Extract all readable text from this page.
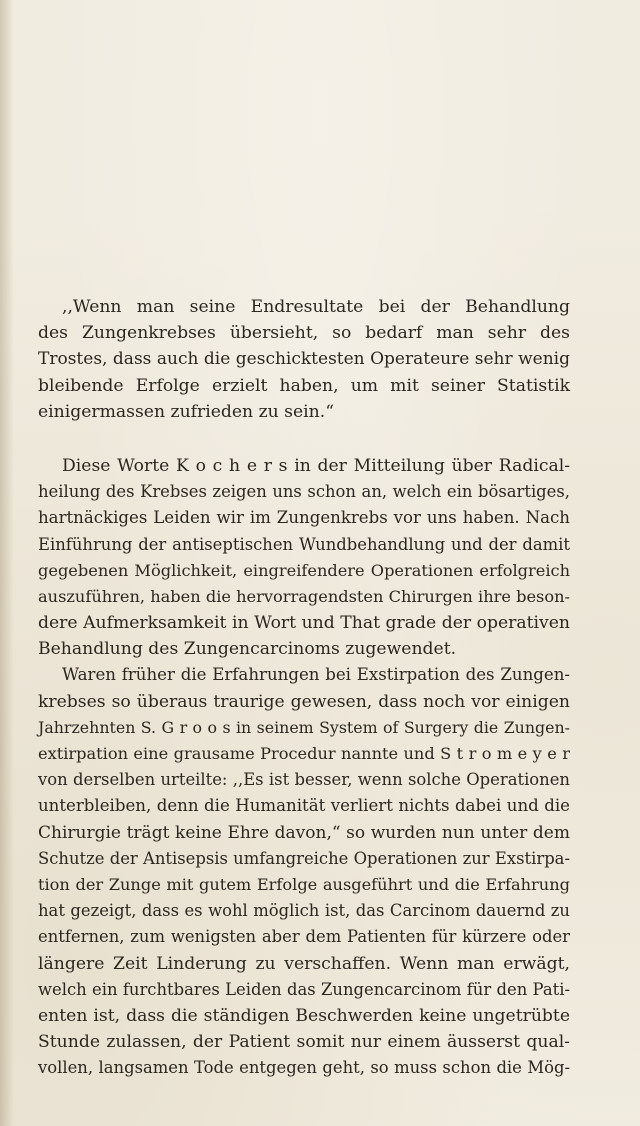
,,Wenn man seine Endresultate bei der Behandlung
des Zungenkrebses übersieht, so bedarf man sehr des
Trostes, dass auch die geschicktesten Operateure sehr wenig
bleibende Erfolge erzielt haben, um mit seiner Statistik
einigermassen zufrieden zu sein.“
Diese Worte K o c h e r s in der Mitteilung über Radical-
heilung des Krebses zeigen uns schon an, welch ein bösartiges,
hartnäckiges Leiden wir im Zungenkrebs vor uns haben. Nach
Einführung der antiseptischen Wundbehandlung und der damit
gegebenen Möglichkeit, eingreifendere Operationen erfolgreich
auszuführen, haben die hervorragendsten Chirurgen ihre beson-
dere Aufmerksamkeit in Wort und That grade der operativen
Behandlung des Zungencarcinoms zugewendet.
Waren früher die Erfahrungen bei Exstirpation des Zungen-
krebses so überaus traurige gewesen, dass noch vor einigen
Jahrzehnten S. G r o o s in seinem System of Surgery die Zungen-
extirpation eine grausame Procedur nannte und S t r o m e y e r
von derselben urteilte: ,,Es ist besser, wenn solche Operationen
unterbleiben, denn die Humanität verliert nichts dabei und die
Chirurgie trägt keine Ehre davon,“ so wurden nun unter dem
Schutze der Antisepsis umfangreiche Operationen zur Exstirpa-
tion der Zunge mit gutem Erfolge ausgeführt und die Erfahrung
hat gezeigt, dass es wohl möglich ist, das Carcinom dauernd zu
entfernen, zum wenigsten aber dem Patienten für kürzere oder
längere Zeit Linderung zu verschaffen. Wenn man erwägt,
welch ein furchtbares Leiden das Zungencarcinom für den Pati-
enten ist, dass die ständigen Beschwerden keine ungetrübte
Stunde zulassen, der Patient somit nur einem äusserst qual-
vollen, langsamen Tode entgegen geht, so muss schon die Mög-
